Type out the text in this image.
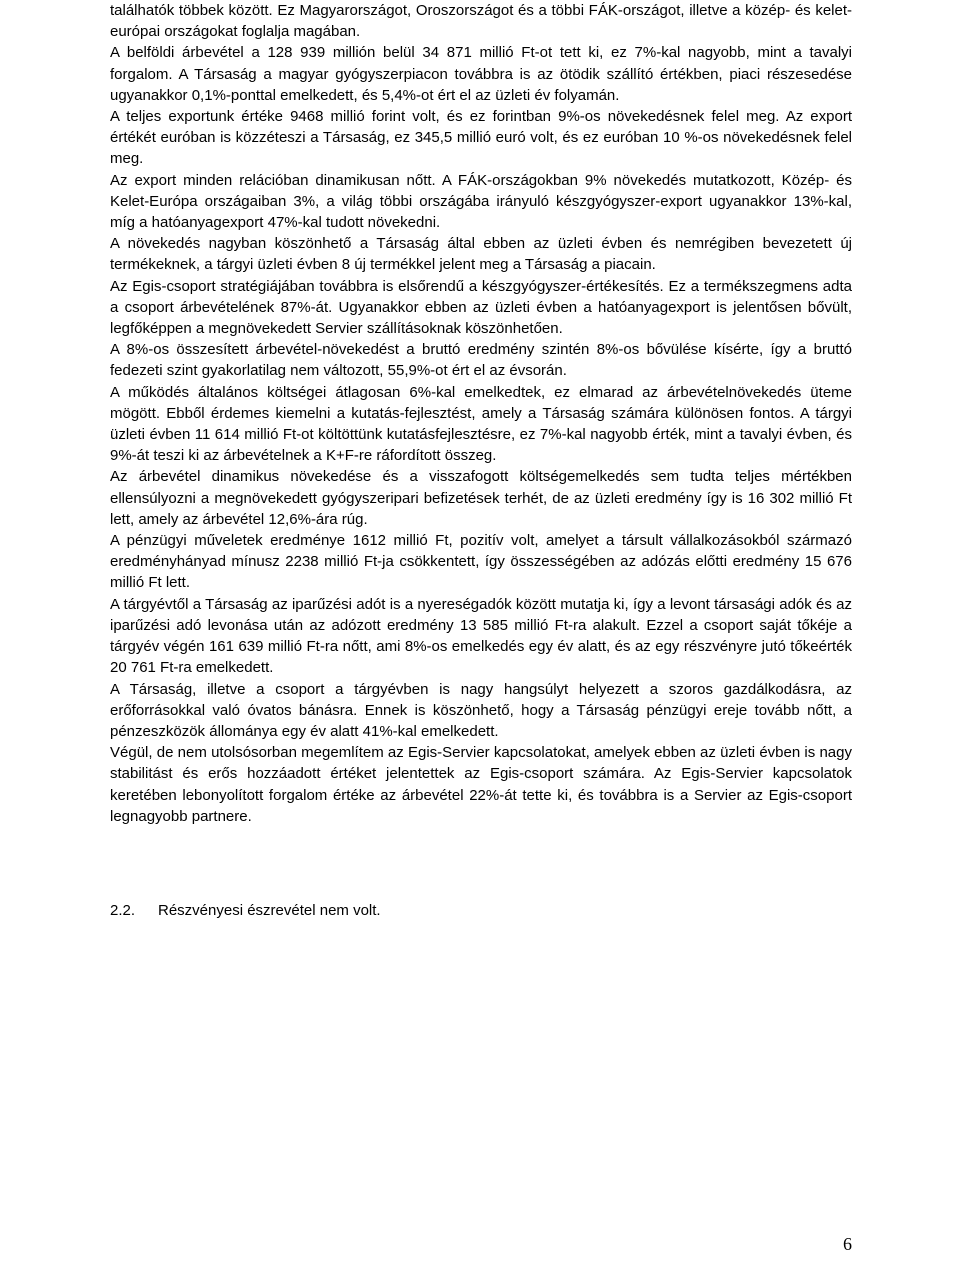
találhatók többek között. Ez Magyarországot, Oroszországot és a többi FÁK-országot, illetve a közép- és kelet-európai országokat foglalja magában.

A belföldi árbevétel a 128 939 millión belül 34 871 millió Ft-ot tett ki, ez 7%-kal nagyobb, mint a tavalyi forgalom. A Társaság a magyar gyógyszerpiacon továbbra is az ötödik szállító értékben, piaci részesedése ugyanakkor 0,1%-ponttal emelkedett, és 5,4%-ot ért el az üzleti év folyamán.

A teljes exportunk értéke 9468 millió forint volt, és ez forintban 9%-os növekedésnek felel meg. Az export értékét euróban is közzéteszi a Társaság, ez 345,5 millió euró volt, és ez euróban 10 %-os növekedésnek felel meg.

Az export minden relációban dinamikusan nőtt. A FÁK-országokban 9% növekedés mutatkozott, Közép- és Kelet-Európa országaiban 3%, a világ többi országába irányuló készgyógyszer-export ugyanakkor 13%-kal, míg a hatóanyagexport 47%-kal tudott növekedni.

A növekedés nagyban köszönhető a Társaság által ebben az üzleti évben és nemrégiben bevezetett új termékeknek, a tárgyi üzleti évben 8 új termékkel jelent meg a Társaság a piacain.

Az Egis-csoport stratégiájában továbbra is elsőrendű a készgyógyszer-értékesítés. Ez a termékszegmens adta a csoport árbevételének 87%-át. Ugyanakkor ebben az üzleti évben a hatóanyagexport is jelentősen bővült, legfőképpen a megnövekedett Servier szállításoknak köszönhetően.

A 8%-os összesített árbevétel-növekedést a bruttó eredmény szintén 8%-os bővülése kísérte, így a bruttó fedezeti szint gyakorlatilag nem változott, 55,9%-ot ért el az évsorán.

A működés általános költségei átlagosan 6%-kal emelkedtek, ez elmarad az árbevételnövekedés üteme mögött. Ebből érdemes kiemelni a kutatás-fejlesztést, amely a Társaság számára különösen fontos. A tárgyi üzleti évben 11 614 millió Ft-ot költöttünk kutatásfejlesztésre, ez 7%-kal nagyobb érték, mint a tavalyi évben, és 9%-át teszi ki az árbevételnek a K+F-re ráfordított összeg.

Az árbevétel dinamikus növekedése és a visszafogott költségemelkedés sem tudta teljes mértékben ellensúlyozni a megnövekedett gyógyszeripari befizetések terhét, de az üzleti eredmény így is 16 302 millió Ft lett, amely az árbevétel 12,6%-ára rúg.

A pénzügyi műveletek eredménye 1612 millió Ft, pozitív volt, amelyet a társult vállalkozásokból származó eredményhányad mínusz 2238 millió Ft-ja csökkentett, így összességében az adózás előtti eredmény 15 676 millió Ft lett.

A tárgyévtől a Társaság az iparűzési adót is a nyereségadók között mutatja ki, így a levont társasági adók és az iparűzési adó levonása után az adózott eredmény 13 585 millió Ft-ra alakult. Ezzel a csoport saját tőkéje a tárgyév végén 161 639 millió Ft-ra nőtt, ami 8%-os emelkedés egy év alatt, és az egy részvényre jutó tőkeérték 20 761 Ft-ra emelkedett.

A Társaság, illetve a csoport a tárgyévben is nagy hangsúlyt helyezett a szoros gazdálkodásra, az erőforrásokkal való óvatos bánásra. Ennek is köszönhető, hogy a Társaság pénzügyi ereje tovább nőtt, a pénzeszközök állománya egy év alatt 41%-kal emelkedett.

Végül, de nem utolsósorban megemlítem az Egis-Servier kapcsolatokat, amelyek ebben az üzleti évben is nagy stabilitást és erős hozzáadott értéket jelentettek az Egis-csoport számára. Az Egis-Servier kapcsolatok keretében lebonyolított forgalom értéke az árbevétel 22%-át tette ki, és továbbra is a Servier az Egis-csoport legnagyobb partnere.

2.2. Részvényesi észrevétel nem volt.
6
